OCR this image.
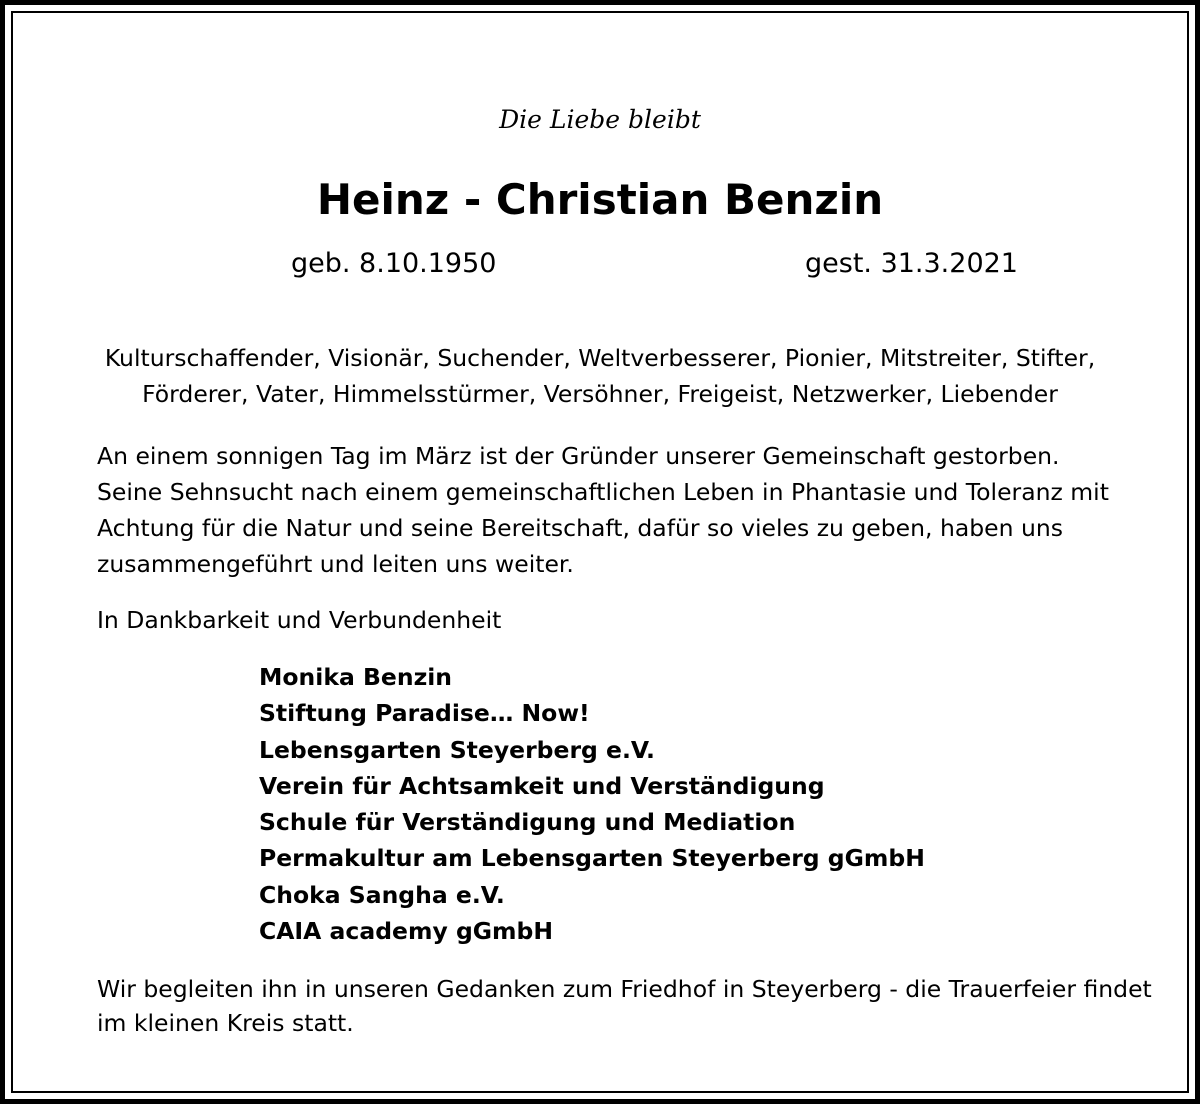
Die Liebe bleibt
Heinz - Christian Benzin
geb. 8.10.1950	gest. 31.3.2021
Kulturschaffender, Visionär, Suchender, Weltverbesserer, Pionier, Mitstreiter, Stifter,
Förderer, Vater, Himmelsstürmer, Versöhner, Freigeist, Netzwerker, Liebender
An einem sonnigen Tag im März ist der Gründer unserer Gemeinschaft gestorben.
Seine Sehnsucht nach einem gemeinschaftlichen Leben in Phantasie und Toleranz mit
Achtung für die Natur und seine Bereitschaft, dafür so vieles zu geben, haben uns
zusammengeführt und leiten uns weiter.
In Dankbarkeit und Verbundenheit
Monika Benzin
Stiftung Paradise… Now!
Lebensgarten Steyerberg e.V.
Verein für Achtsamkeit und Verständigung
Schule für Verständigung und Mediation
Permakultur am Lebensgarten Steyerberg gGmbH
Choka Sangha e.V.
CAIA academy gGmbH
Wir begleiten ihn in unseren Gedanken zum Friedhof in Steyerberg - die Trauerfeier findet
im kleinen Kreis statt.
